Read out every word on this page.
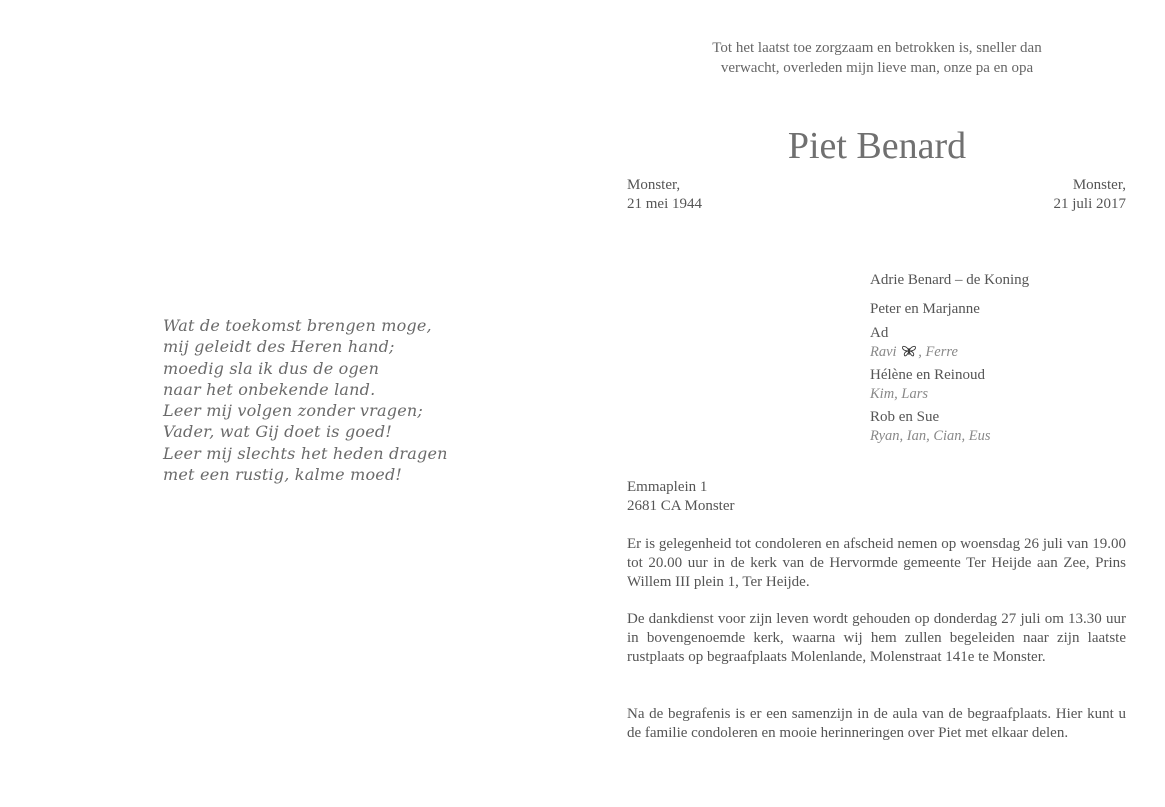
Wat de toekomst brengen moge,
mij geleidt des Heren hand;
moedig sla ik dus de ogen
naar het onbekende land.
Leer mij volgen zonder vragen;
Vader, wat Gij doet is goed!
Leer mij slechts het heden dragen
met een rustig, kalme moed!
Tot het laatst toe zorgzaam en betrokken is, sneller dan
verwacht, overleden mijn lieve man, onze pa en opa
Piet Benard
Monster,
21 mei 1944
Monster,
21 juli 2017
Adrie Benard – de Koning
Peter en Marjanne
Ad
Ravi , Ferre
Hélène en Reinoud
Kim, Lars
Rob en Sue
Ryan, Ian, Cian, Eus
Emmaplein 1
2681 CA Monster

Er is gelegenheid tot condoleren en afscheid nemen op woensdag 26 juli van 19.00 tot 20.00 uur in de kerk van de Hervormde gemeente Ter Heijde aan Zee, Prins Willem III plein 1, Ter Heijde.

De dankdienst voor zijn leven wordt gehouden op donderdag 27 juli om 13.30 uur in bovengenoemde kerk, waarna wij hem zullen begeleiden naar zijn laatste rustplaats op begraafplaats Molenlande, Molenstraat 141e te Monster.

Na de begrafenis is er een samenzijn in de aula van de begraafplaats. Hier kunt u de familie condoleren en mooie herinneringen over Piet met elkaar delen.
